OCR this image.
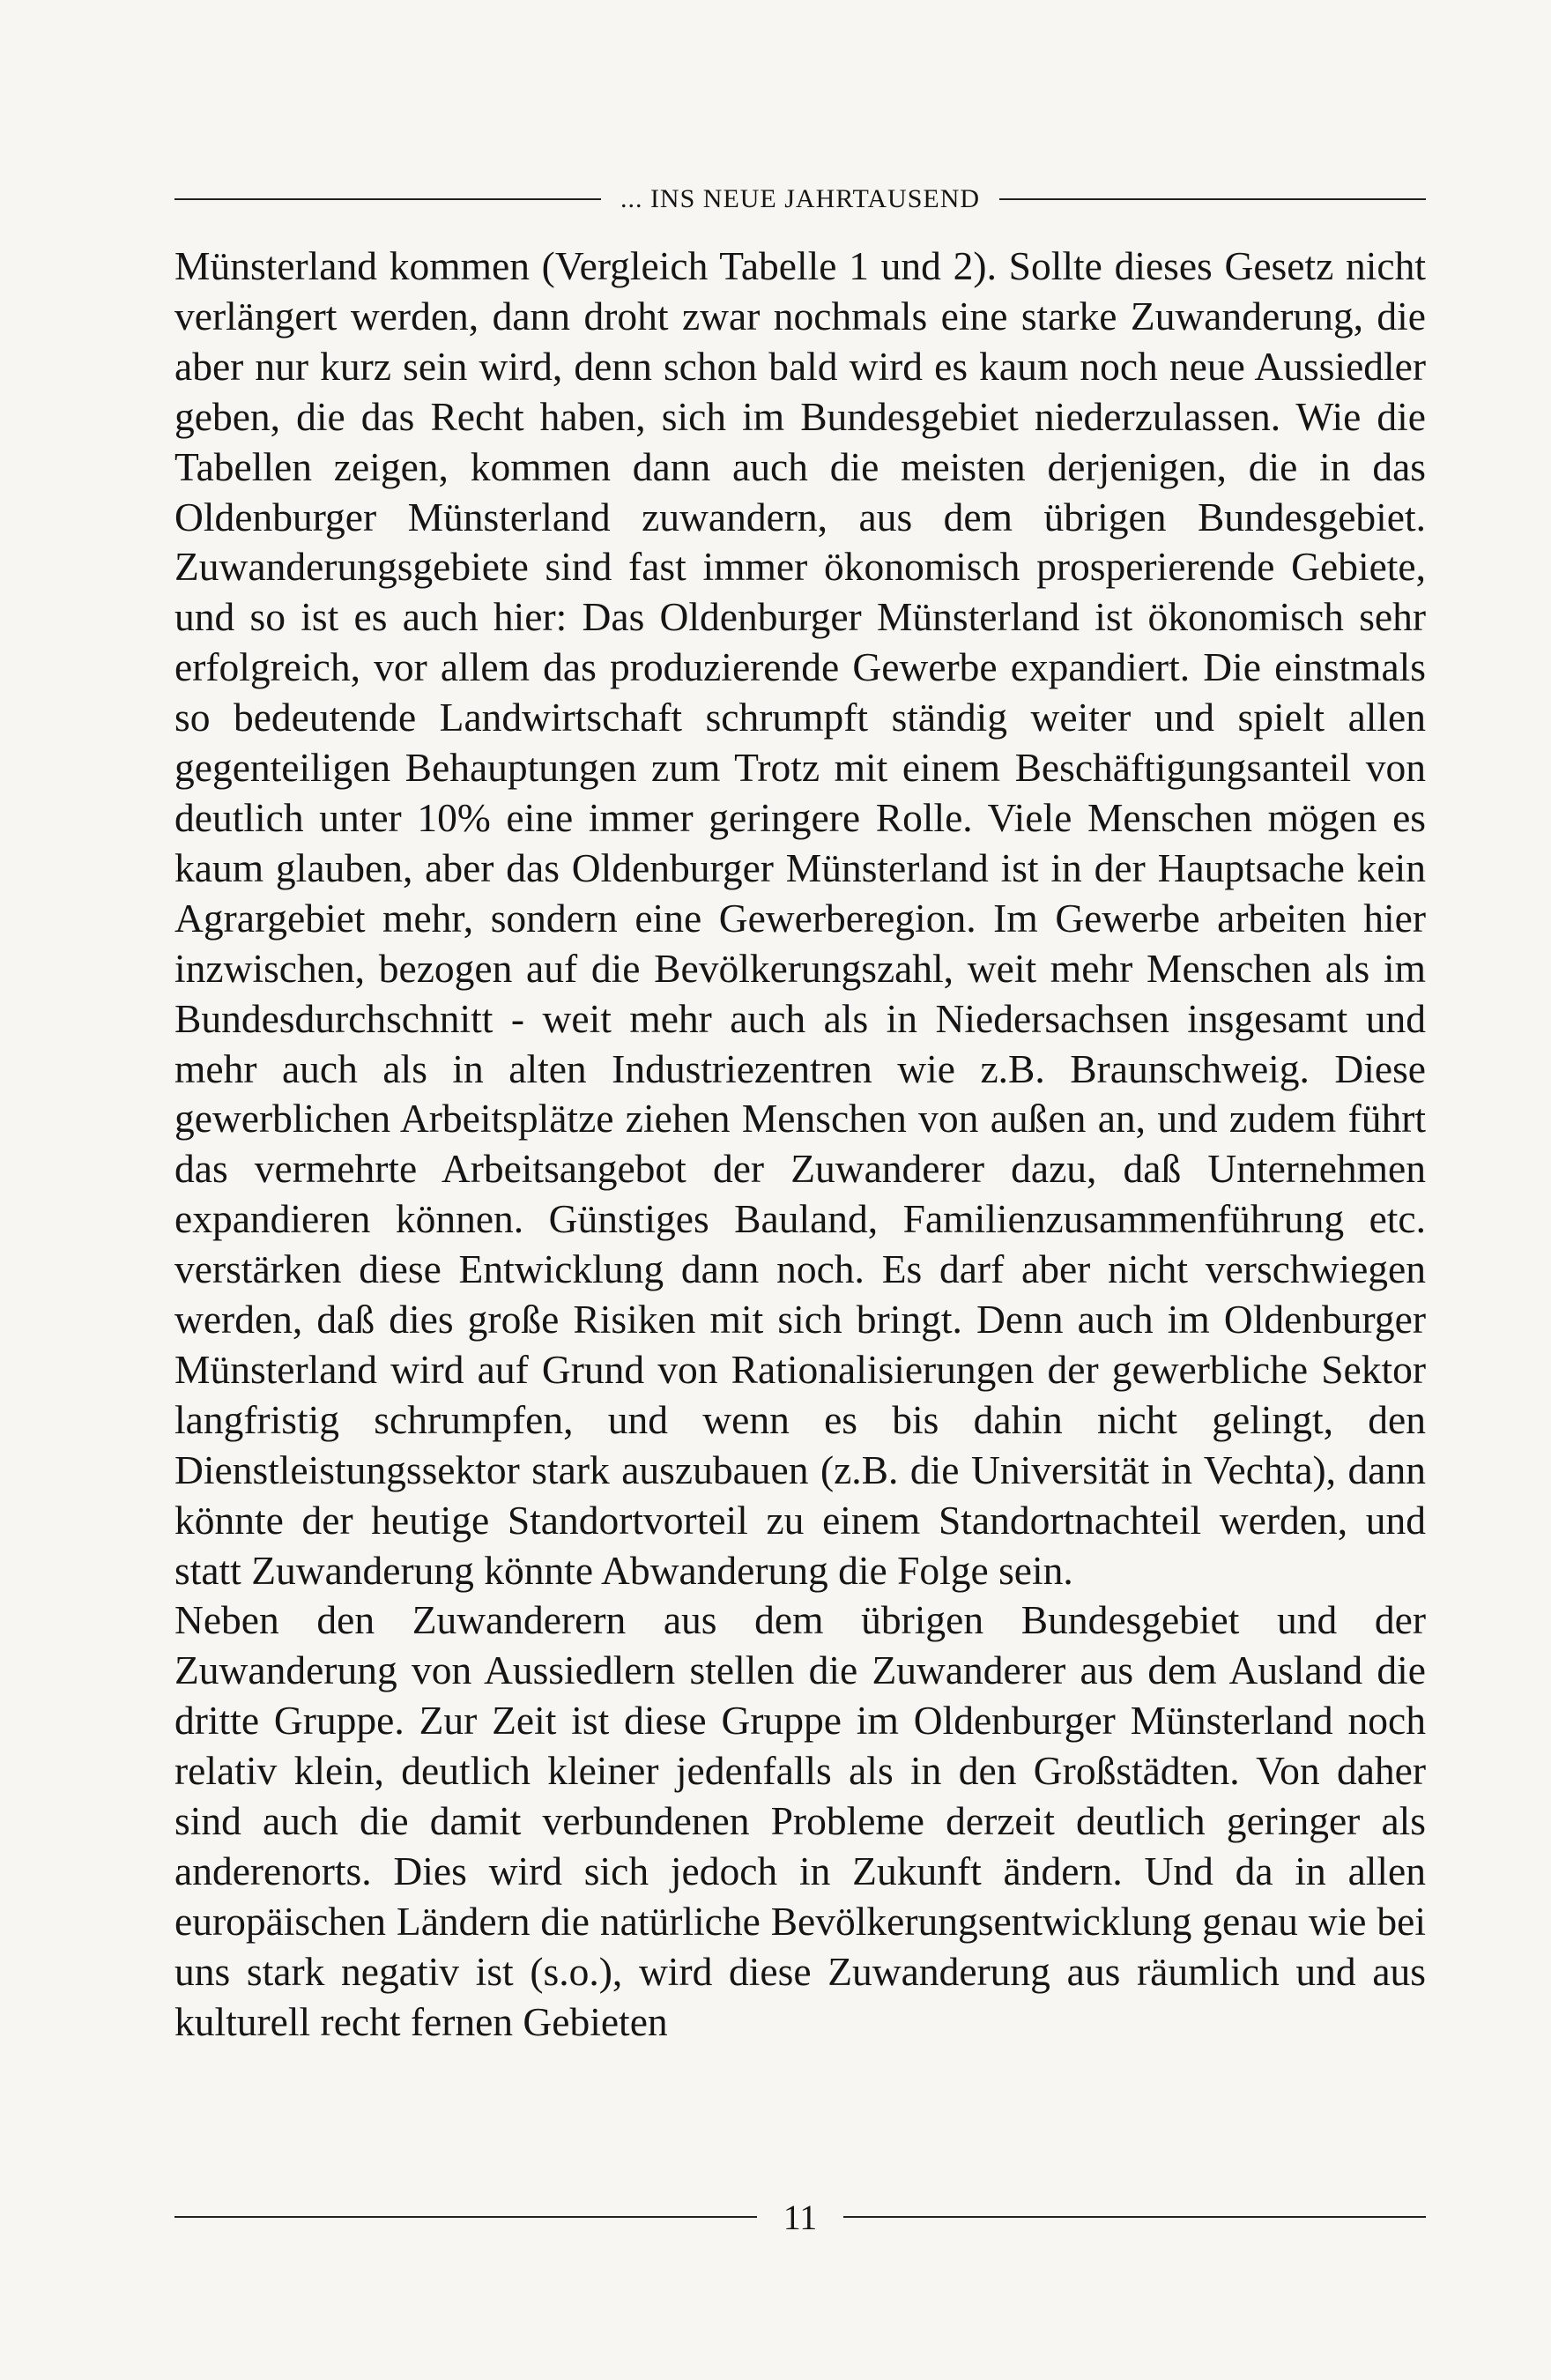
... INS NEUE JAHRTAUSEND

Münsterland kommen (Vergleich Tabelle 1 und 2). Sollte dieses Gesetz nicht verlängert werden, dann droht zwar nochmals eine starke Zuwanderung, die aber nur kurz sein wird, denn schon bald wird es kaum noch neue Aussiedler geben, die das Recht haben, sich im Bundesgebiet niederzulassen. Wie die Tabellen zeigen, kommen dann auch die meisten derjenigen, die in das Oldenburger Münsterland zuwandern, aus dem übrigen Bundesgebiet. Zuwanderungsgebiete sind fast immer ökonomisch prosperierende Gebiete, und so ist es auch hier: Das Oldenburger Münsterland ist ökonomisch sehr erfolgreich, vor allem das produzierende Gewerbe expandiert. Die einstmals so bedeutende Landwirtschaft schrumpft ständig weiter und spielt allen gegenteiligen Behauptungen zum Trotz mit einem Beschäftigungsanteil von deutlich unter 10% eine immer geringere Rolle. Viele Menschen mögen es kaum glauben, aber das Oldenburger Münsterland ist in der Hauptsache kein Agrargebiet mehr, sondern eine Gewerberegion. Im Gewerbe arbeiten hier inzwischen, bezogen auf die Bevölkerungszahl, weit mehr Menschen als im Bundesdurchschnitt - weit mehr auch als in Niedersachsen insgesamt und mehr auch als in alten Industriezentren wie z.B. Braunschweig. Diese gewerblichen Arbeitsplätze ziehen Menschen von außen an, und zudem führt das vermehrte Arbeitsangebot der Zuwanderer dazu, daß Unternehmen expandieren können. Günstiges Bauland, Familienzusammenführung etc. verstärken diese Entwicklung dann noch. Es darf aber nicht verschwiegen werden, daß dies große Risiken mit sich bringt. Denn auch im Oldenburger Münsterland wird auf Grund von Rationalisierungen der gewerbliche Sektor langfristig schrumpfen, und wenn es bis dahin nicht gelingt, den Dienstleistungssektor stark auszubauen (z.B. die Universität in Vechta), dann könnte der heutige Standortvorteil zu einem Standortnachteil werden, und statt Zuwanderung könnte Abwanderung die Folge sein.

Neben den Zuwanderern aus dem übrigen Bundesgebiet und der Zuwanderung von Aussiedlern stellen die Zuwanderer aus dem Ausland die dritte Gruppe. Zur Zeit ist diese Gruppe im Oldenburger Münsterland noch relativ klein, deutlich kleiner jedenfalls als in den Großstädten. Von daher sind auch die damit verbundenen Probleme derzeit deutlich geringer als anderenorts. Dies wird sich jedoch in Zukunft ändern. Und da in allen europäischen Ländern die natürliche Bevölkerungsentwicklung genau wie bei uns stark negativ ist (s.o.), wird diese Zuwanderung aus räumlich und aus kulturell recht fernen Gebieten

11
